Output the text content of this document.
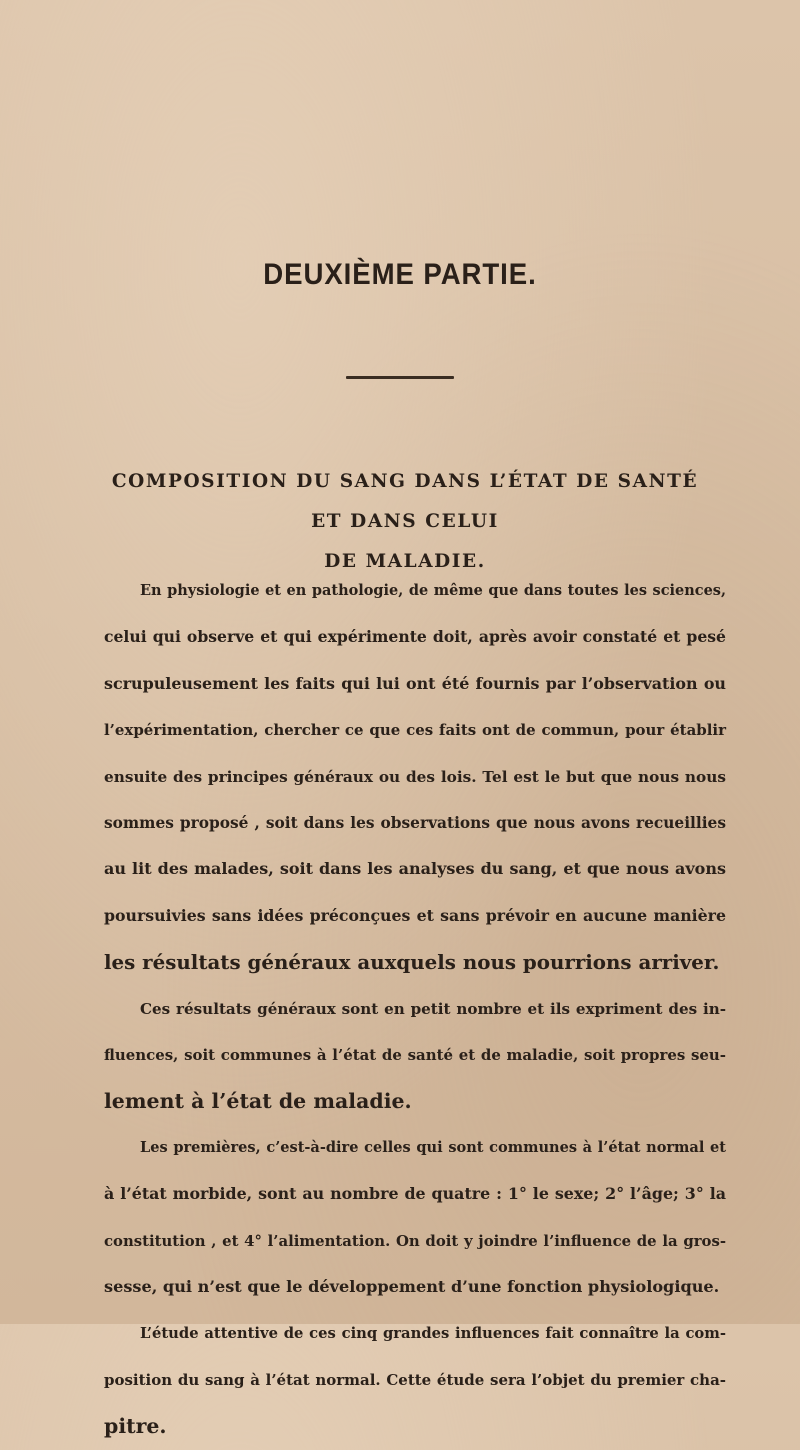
DEUXIÈME PARTIE.
COMPOSITION DU SANG DANS L’ÉTAT DE SANTÉ ET DANS CELUI
DE MALADIE.
En physiologie et en pathologie, de même que dans toutes les sciences,
celui qui observe et qui expérimente doit, après avoir constaté et pesé
scrupuleusement les faits qui lui ont été fournis par l’observation ou
l’expérimentation, chercher ce que ces faits ont de commun, pour établir
ensuite des principes généraux ou des lois. Tel est le but que nous nous
sommes proposé , soit dans les observations que nous avons recueillies
au lit des malades, soit dans les analyses du sang, et que nous avons
poursuivies sans idées préconçues et sans prévoir en aucune manière
les résultats généraux auxquels nous pourrions arriver.
Ces résultats généraux sont en petit nombre et ils expriment des in-
fluences, soit communes à l’état de santé et de maladie, soit propres seu-
lement à l’état de maladie.
Les premières, c’est-à-dire celles qui sont communes à l’état normal et
à l’état morbide, sont au nombre de quatre : 1° le sexe; 2° l’âge; 3° la
constitution , et 4° l’alimentation. On doit y joindre l’influence de la gros-
sesse, qui n’est que le développement d’une fonction physiologique.
L’étude attentive de ces cinq grandes influences fait connaître la com-
position du sang à l’état normal. Cette étude sera l’objet du premier cha-
pitre.
